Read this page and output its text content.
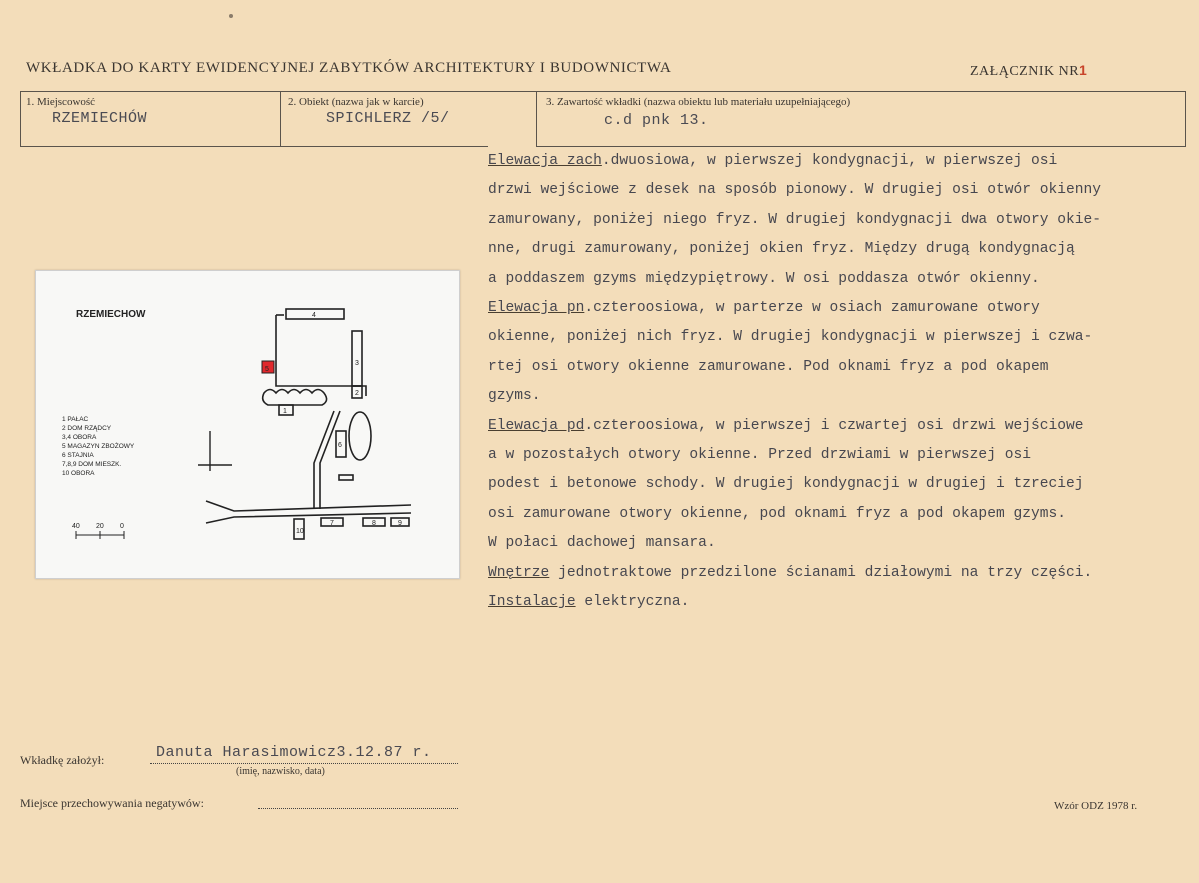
WKŁADKA DO KARTY EWIDENCYJNEJ ZABYTKÓW ARCHITEKTURY I BUDOWNICTWA	ZAŁĄCZNIK NR1
1. Miejscowość
RZEMIECHÓW
2. Obiekt (nazwa jak w karcie)
SPICHLERZ /5/
3. Zawartość wkładki (nazwa obiektu lub materiału uzupełniającego)
c.d pnk 13.
Elewacja zach.dwuosiowa, w pierwszej kondygnacji, w pierwszej osi
drzwi wejściowe z desek na sposób pionowy. W drugiej osi otwór okienny
zamurowany, poniżej niego fryz. W drugiej kondygnacji dwa otwory okie-
nne, drugi zamurowany, poniżej okien fryz. Między drugą kondygnacją
a poddaszem gzyms międzypiętrowy. W osi poddasza otwór okienny.
Elewacja pn.czteroosiowa, w parterze w osiach zamurowane otwory
okienne, poniżej nich fryz. W drugiej kondygnacji w pierwszej i czwa-
rtej osi otwory okienne zamurowane. Pod oknami fryz a pod okapem
gzyms.
Elewacja pd.czteroosiowa, w pierwszej i czwartej osi drzwi wejściowe
a w pozostałych otwory okienne. Przed drzwiami w pierwszej osi
podest i betonowe schody. W drugiej kondygnacji w drugiej i tzreciej
osi zamurowane otwory okienne, pod oknami fryz a pod okapem gzyms.
W połaci dachowej mansara.
Wnętrze jednotraktowe przedzilone ścianami działowymi na trzy części.
Instalacje elektryczna.
RZEMIECHOW
1 PAŁAC
2 DOM RZĄDCY
3,4 OBORA
5 MAGAZYN ZBOŻOWY
6 STAJNIA
7,8,9 DOM MIESZK.
10 OBORA
40 20 0
4
3
2
5
1
6
7	8	9
10
Wkładkę założył:	Danuta Harasimowicz3.12.87 r.
(imię, nazwisko, data)
Miejsce przechowywania negatywów:	Wzór ODZ 1978 r.
